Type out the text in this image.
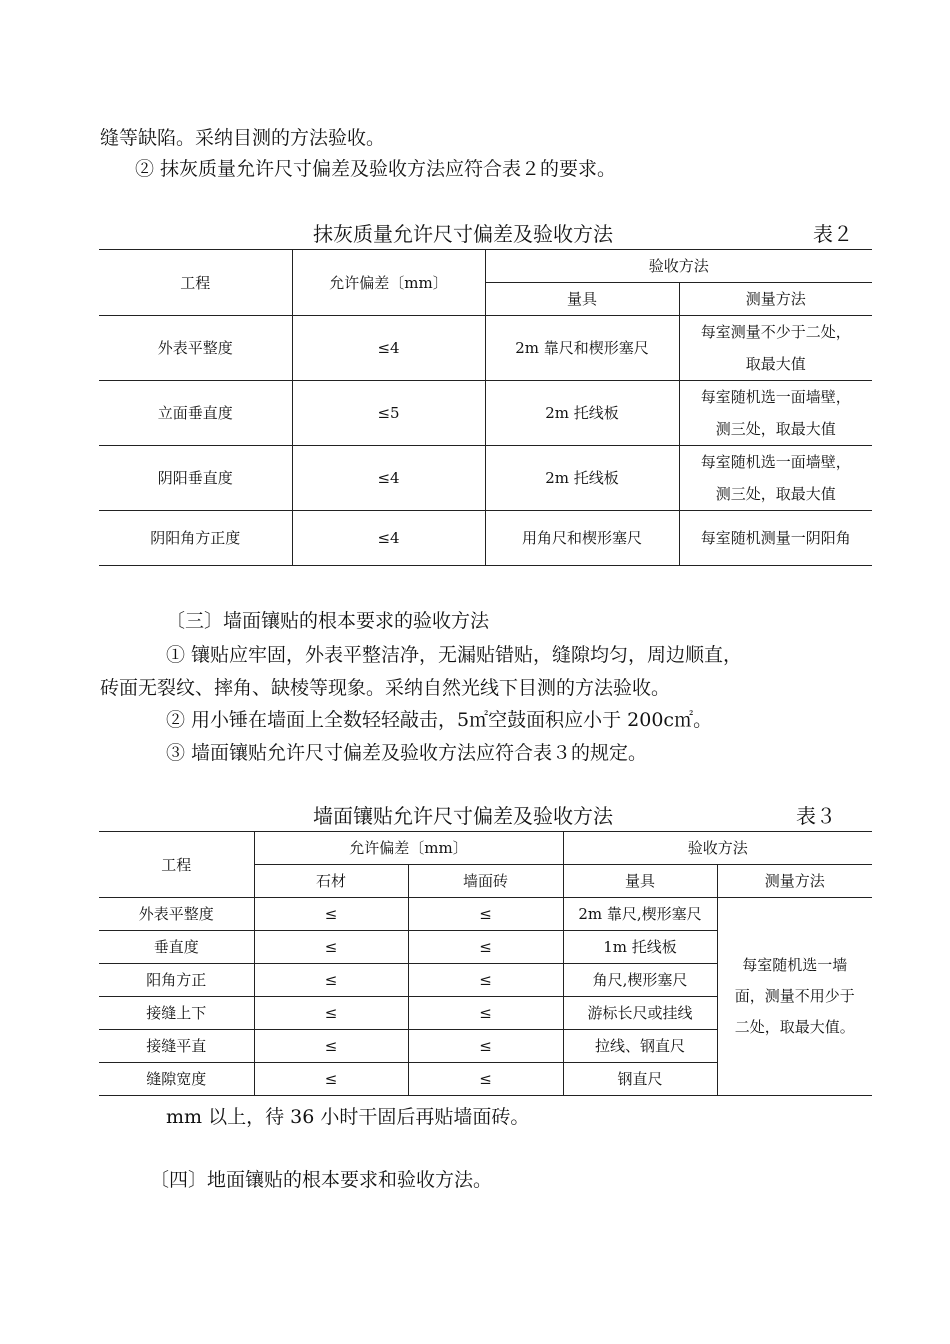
缝等缺陷。采纳目测的方法验收。
② 抹灰质量允许尺寸偏差及验收方法应符合表２的要求。
抹灰质量允许尺寸偏差及验收方法	表２
工程	允许偏差〔mm〕	验收方法	
		量具	测量方法
外表平整度	≤4	2m 靠尺和楔形塞尺	每室测量不少于二处，
取最大值

立面垂直度	≤5	2m 托线板	每室随机选一面墙壁，
测三处，取最大值

阴阳垂直度	≤4	2m 托线板	每室随机选一面墙壁，
测三处，取最大值

阴阳角方正度	≤4	用角尺和楔形塞尺	每室随机测量一阴阳角
〔三〕墙面镶贴的根本要求的验收方法
① 镶贴应牢固，外表平整洁净，无漏贴错贴，缝隙均匀，周边顺直，
砖面无裂纹、摔角、缺棱等现象。采纳自然光线下目测的方法验收。
② 用小锤在墙面上全数轻轻敲击，5㎡空鼓面积应小于 200c㎡。
③ 墙面镶贴允许尺寸偏差及验收方法应符合表３的规定。
墙面镶贴允许尺寸偏差及验收方法	表３
工程	允许偏差〔mm〕		验收方法	
	石材	墙面砖	量具	测量方法
外表平整度	≤	≤	2m 靠尺,楔形塞尺	每室随机选一墙
面，测量不用少于
二处，取最大值。

垂直度	≤	≤	1m 托线板	
阳角方正	≤	≤	角尺,楔形塞尺	
接缝上下	≤	≤	游标长尺或挂线	
接缝平直	≤	≤	拉线、钢直尺	
缝隙宽度	≤	≤	钢直尺	
mm 以上，待 36 小时干固后再贴墙面砖。
〔四〕地面镶贴的根本要求和验收方法。
